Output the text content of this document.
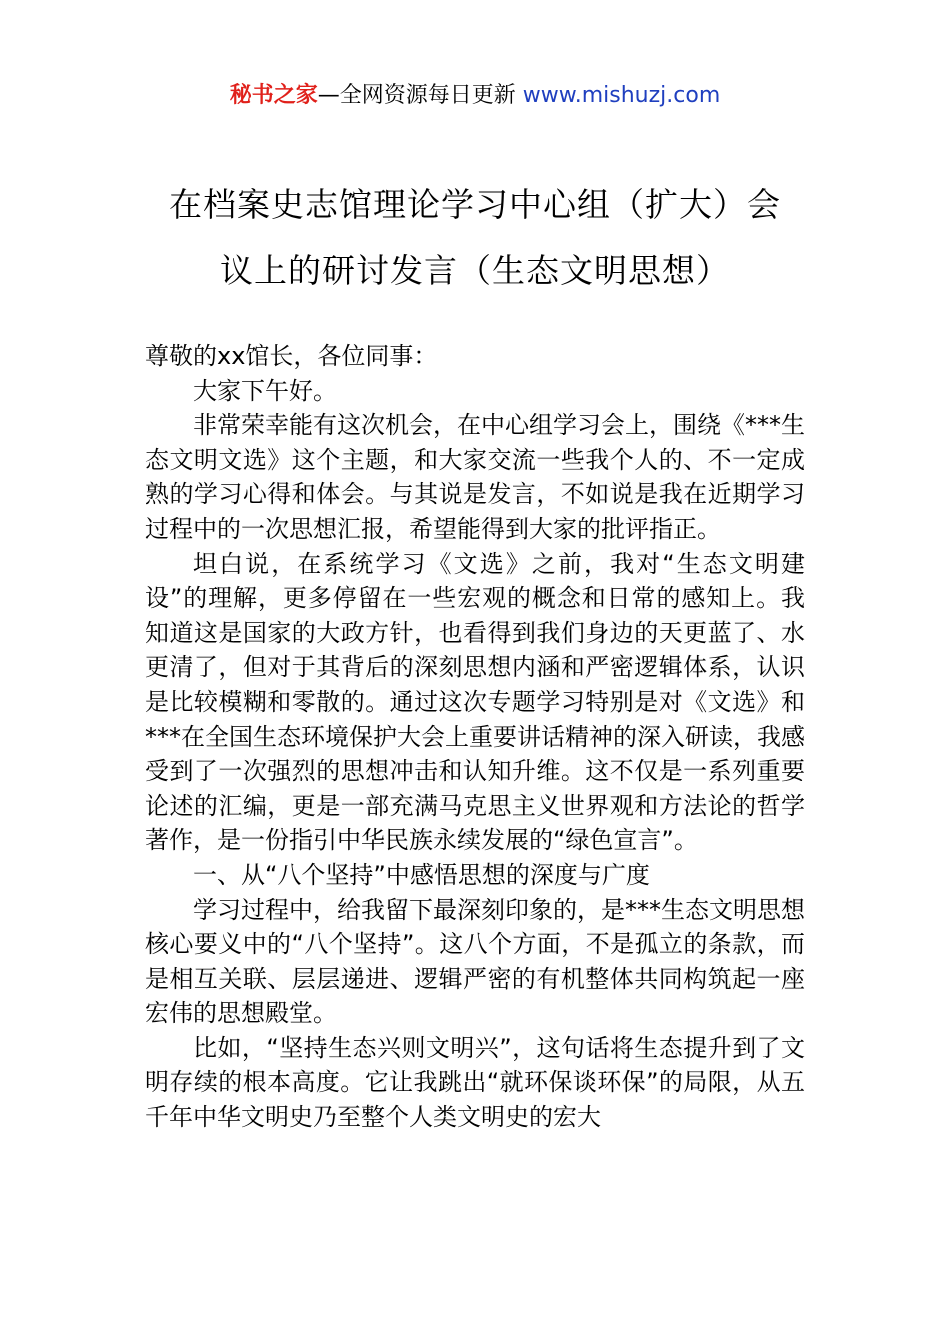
秘书之家—全网资源每日更新 www.mishuzj.com
在档案史志馆理论学习中心组（扩大）会
议上的研讨发言（生态文明思想）

尊敬的xx馆长，各位同事：

大家下午好。

非常荣幸能有这次机会，在中心组学习会上，围绕《***生态文明文选》这个主题，和大家交流一些我个人的、不一定成熟的学习心得和体会。与其说是发言，不如说是我在近期学习过程中的一次思想汇报，希望能得到大家的批评指正。

坦白说，在系统学习《文选》之前，我对“生态文明建设”的理解，更多停留在一些宏观的概念和日常的感知上。我知道这是国家的大政方针，也看得到我们身边的天更蓝了、水更清了，但对于其背后的深刻思想内涵和严密逻辑体系，认识是比较模糊和零散的。通过这次专题学习特别是对《文选》和***在全国生态环境保护大会上重要讲话精神的深入研读，我感受到了一次强烈的思想冲击和认知升维。这不仅是一系列重要论述的汇编，更是一部充满马克思主义世界观和方法论的哲学著作，是一份指引中华民族永续发展的“绿色宣言”。

一、从“八个坚持”中感悟思想的深度与广度

学习过程中，给我留下最深刻印象的，是***生态文明思想核心要义中的“八个坚持”。这八个方面，不是孤立的条款，而是相互关联、层层递进、逻辑严密的有机整体共同构筑起一座宏伟的思想殿堂。

比如，“坚持生态兴则文明兴”，这句话将生态提升到了文明存续的根本高度。它让我跳出“就环保谈环保”的局限，从五千年中华文明史乃至整个人类文明史的宏大
